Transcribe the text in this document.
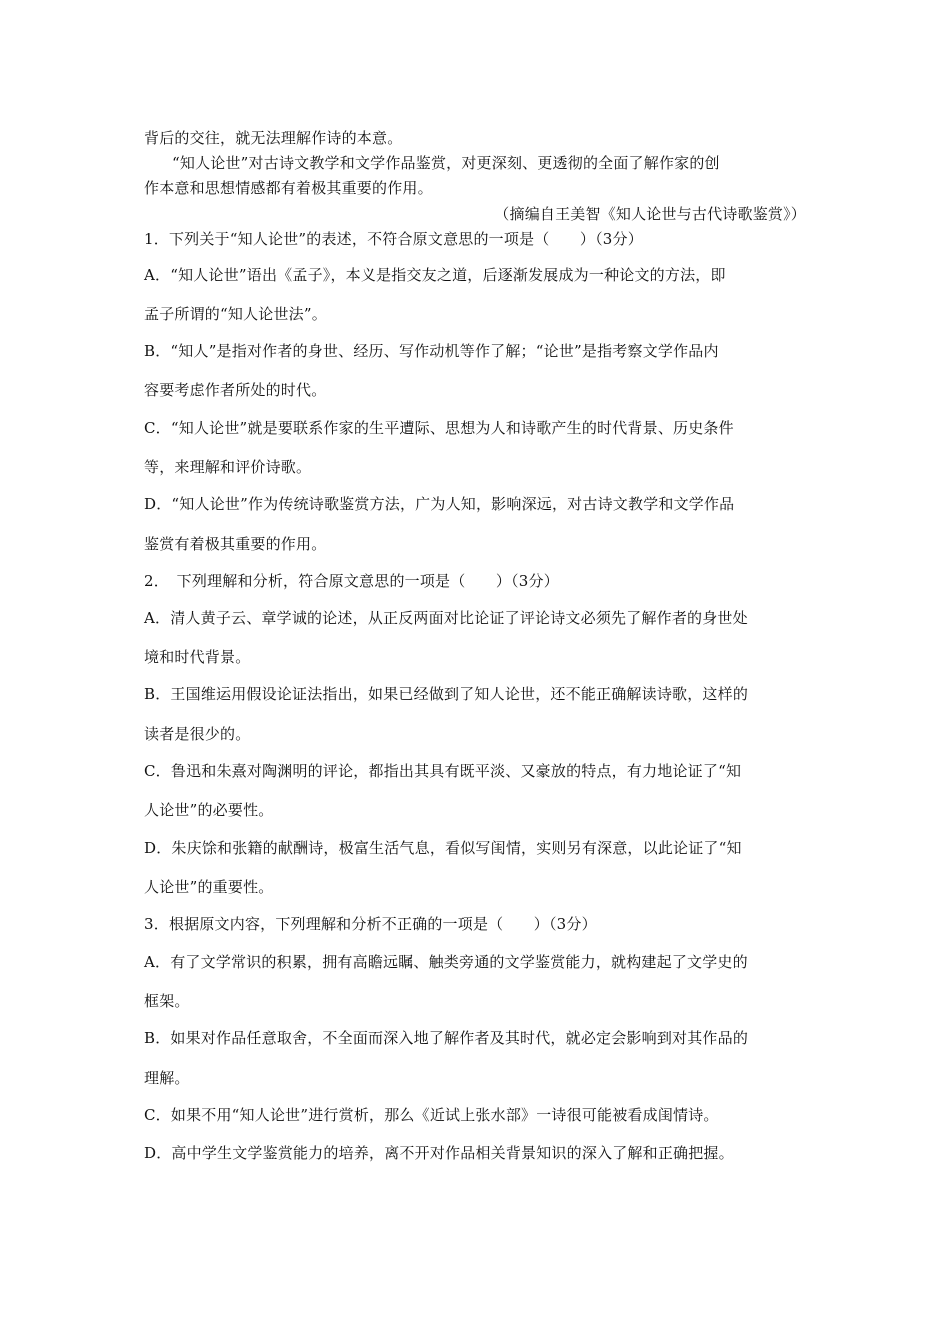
背后的交往，就无法理解作诗的本意。
“知人论世”对古诗文教学和文学作品鉴赏，对更深刻、更透彻的全面了解作家的创
作本意和思想情感都有着极其重要的作用。
（摘编自王美智《知人论世与古代诗歌鉴赏》）
1．下列关于“知人论世”的表述，不符合原文意思的一项是（　　）（3分）
A．“知人论世”语出《孟子》，本义是指交友之道，后逐渐发展成为一种论文的方法，即
孟子所谓的“知人论世法”。
B．“知人”是指对作者的身世、经历、写作动机等作了解；“论世”是指考察文学作品内
容要考虑作者所处的时代。
C．“知人论世”就是要联系作家的生平遭际、思想为人和诗歌产生的时代背景、历史条件
等，来理解和评价诗歌。
D．“知人论世”作为传统诗歌鉴赏方法，广为人知，影响深远，对古诗文教学和文学作品
鉴赏有着极其重要的作用。
2．　下列理解和分析，符合原文意思的一项是（　　）（3分）
A．清人黄子云、章学诚的论述，从正反两面对比论证了评论诗文必须先了解作者的身世处
境和时代背景。
B．王国维运用假设论证法指出，如果已经做到了知人论世，还不能正确解读诗歌，这样的
读者是很少的。
C．鲁迅和朱熹对陶渊明的评论，都指出其具有既平淡、又豪放的特点，有力地论证了“知
人论世”的必要性。
D．朱庆馀和张籍的献酬诗，极富生活气息，看似写闺情，实则另有深意，以此论证了“知
人论世”的重要性。
3．根据原文内容，下列理解和分析不正确的一项是（　　）（3分）
A．有了文学常识的积累，拥有高瞻远瞩、触类旁通的文学鉴赏能力，就构建起了文学史的
框架。
B．如果对作品任意取舍，不全面而深入地了解作者及其时代，就必定会影响到对其作品的
理解。
C．如果不用“知人论世”进行赏析，那么《近试上张水部》一诗很可能被看成闺情诗。
D．高中学生文学鉴赏能力的培养，离不开对作品相关背景知识的深入了解和正确把握。
